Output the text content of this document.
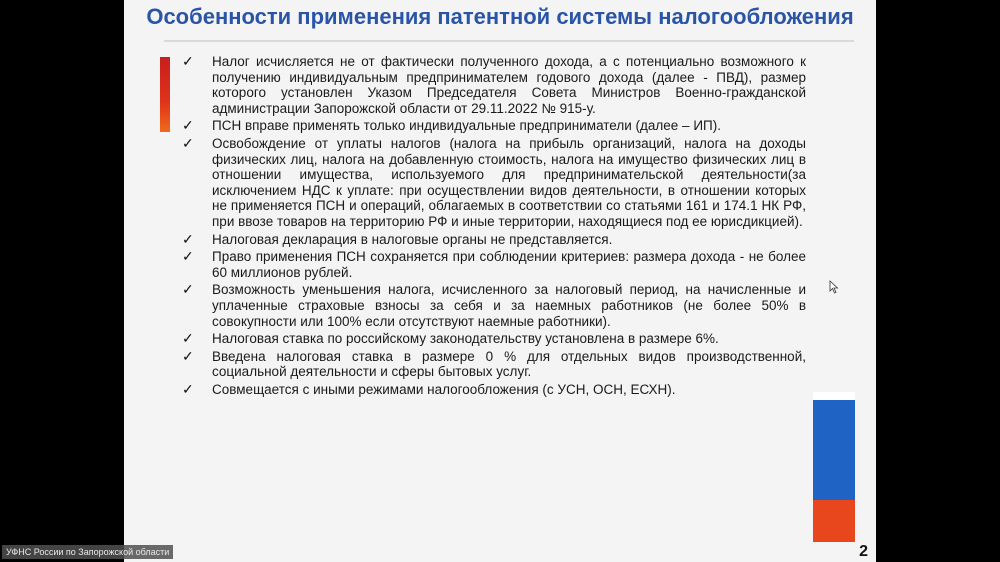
Особенности применения патентной системы налогообложения
✓ Налог исчисляется не от фактически полученного дохода, а с потенциально возможного к получению индивидуальным предпринимателем годового дохода (далее - ПВД), размер которого установлен Указом Председателя Совета Министров Военно-гражданской администрации Запорожской области от 29.11.2022 № 915-у.
✓ ПСН вправе применять только индивидуальные предприниматели (далее – ИП).
✓ Освобождение от уплаты налогов (налога на прибыль организаций, налога на доходы физических лиц, налога на добавленную стоимость, налога на имущество физических лиц в отношении имущества, используемого для предпринимательской деятельности(за исключением НДС к уплате: при осуществлении видов деятельности, в отношении которых не применяется ПСН и операций, облагаемых в соответствии со статьями 161 и 174.1 НК РФ, при ввозе товаров на территорию РФ и иные территории, находящиеся под ее юрисдикцией).
✓ Налоговая декларация в налоговые органы не представляется.
✓ Право применения ПСН сохраняется при соблюдении критериев: размера дохода - не более 60 миллионов рублей.
✓ Возможность уменьшения налога, исчисленного за налоговый период, на начисленные и уплаченные страховые взносы за себя и за наемных работников (не более 50% в совокупности или 100% если отсутствуют наемные работники).
✓ Налоговая ставка по российскому законодательству установлена в размере 6%.
✓ Введена налоговая ставка в размере 0 % для отдельных видов производственной, социальной деятельности и сферы бытовых услуг.
✓ Совмещается с иными режимами налогообложения (с УСН, ОСН, ЕСХН).
2
УФНС России по Запорожской области
